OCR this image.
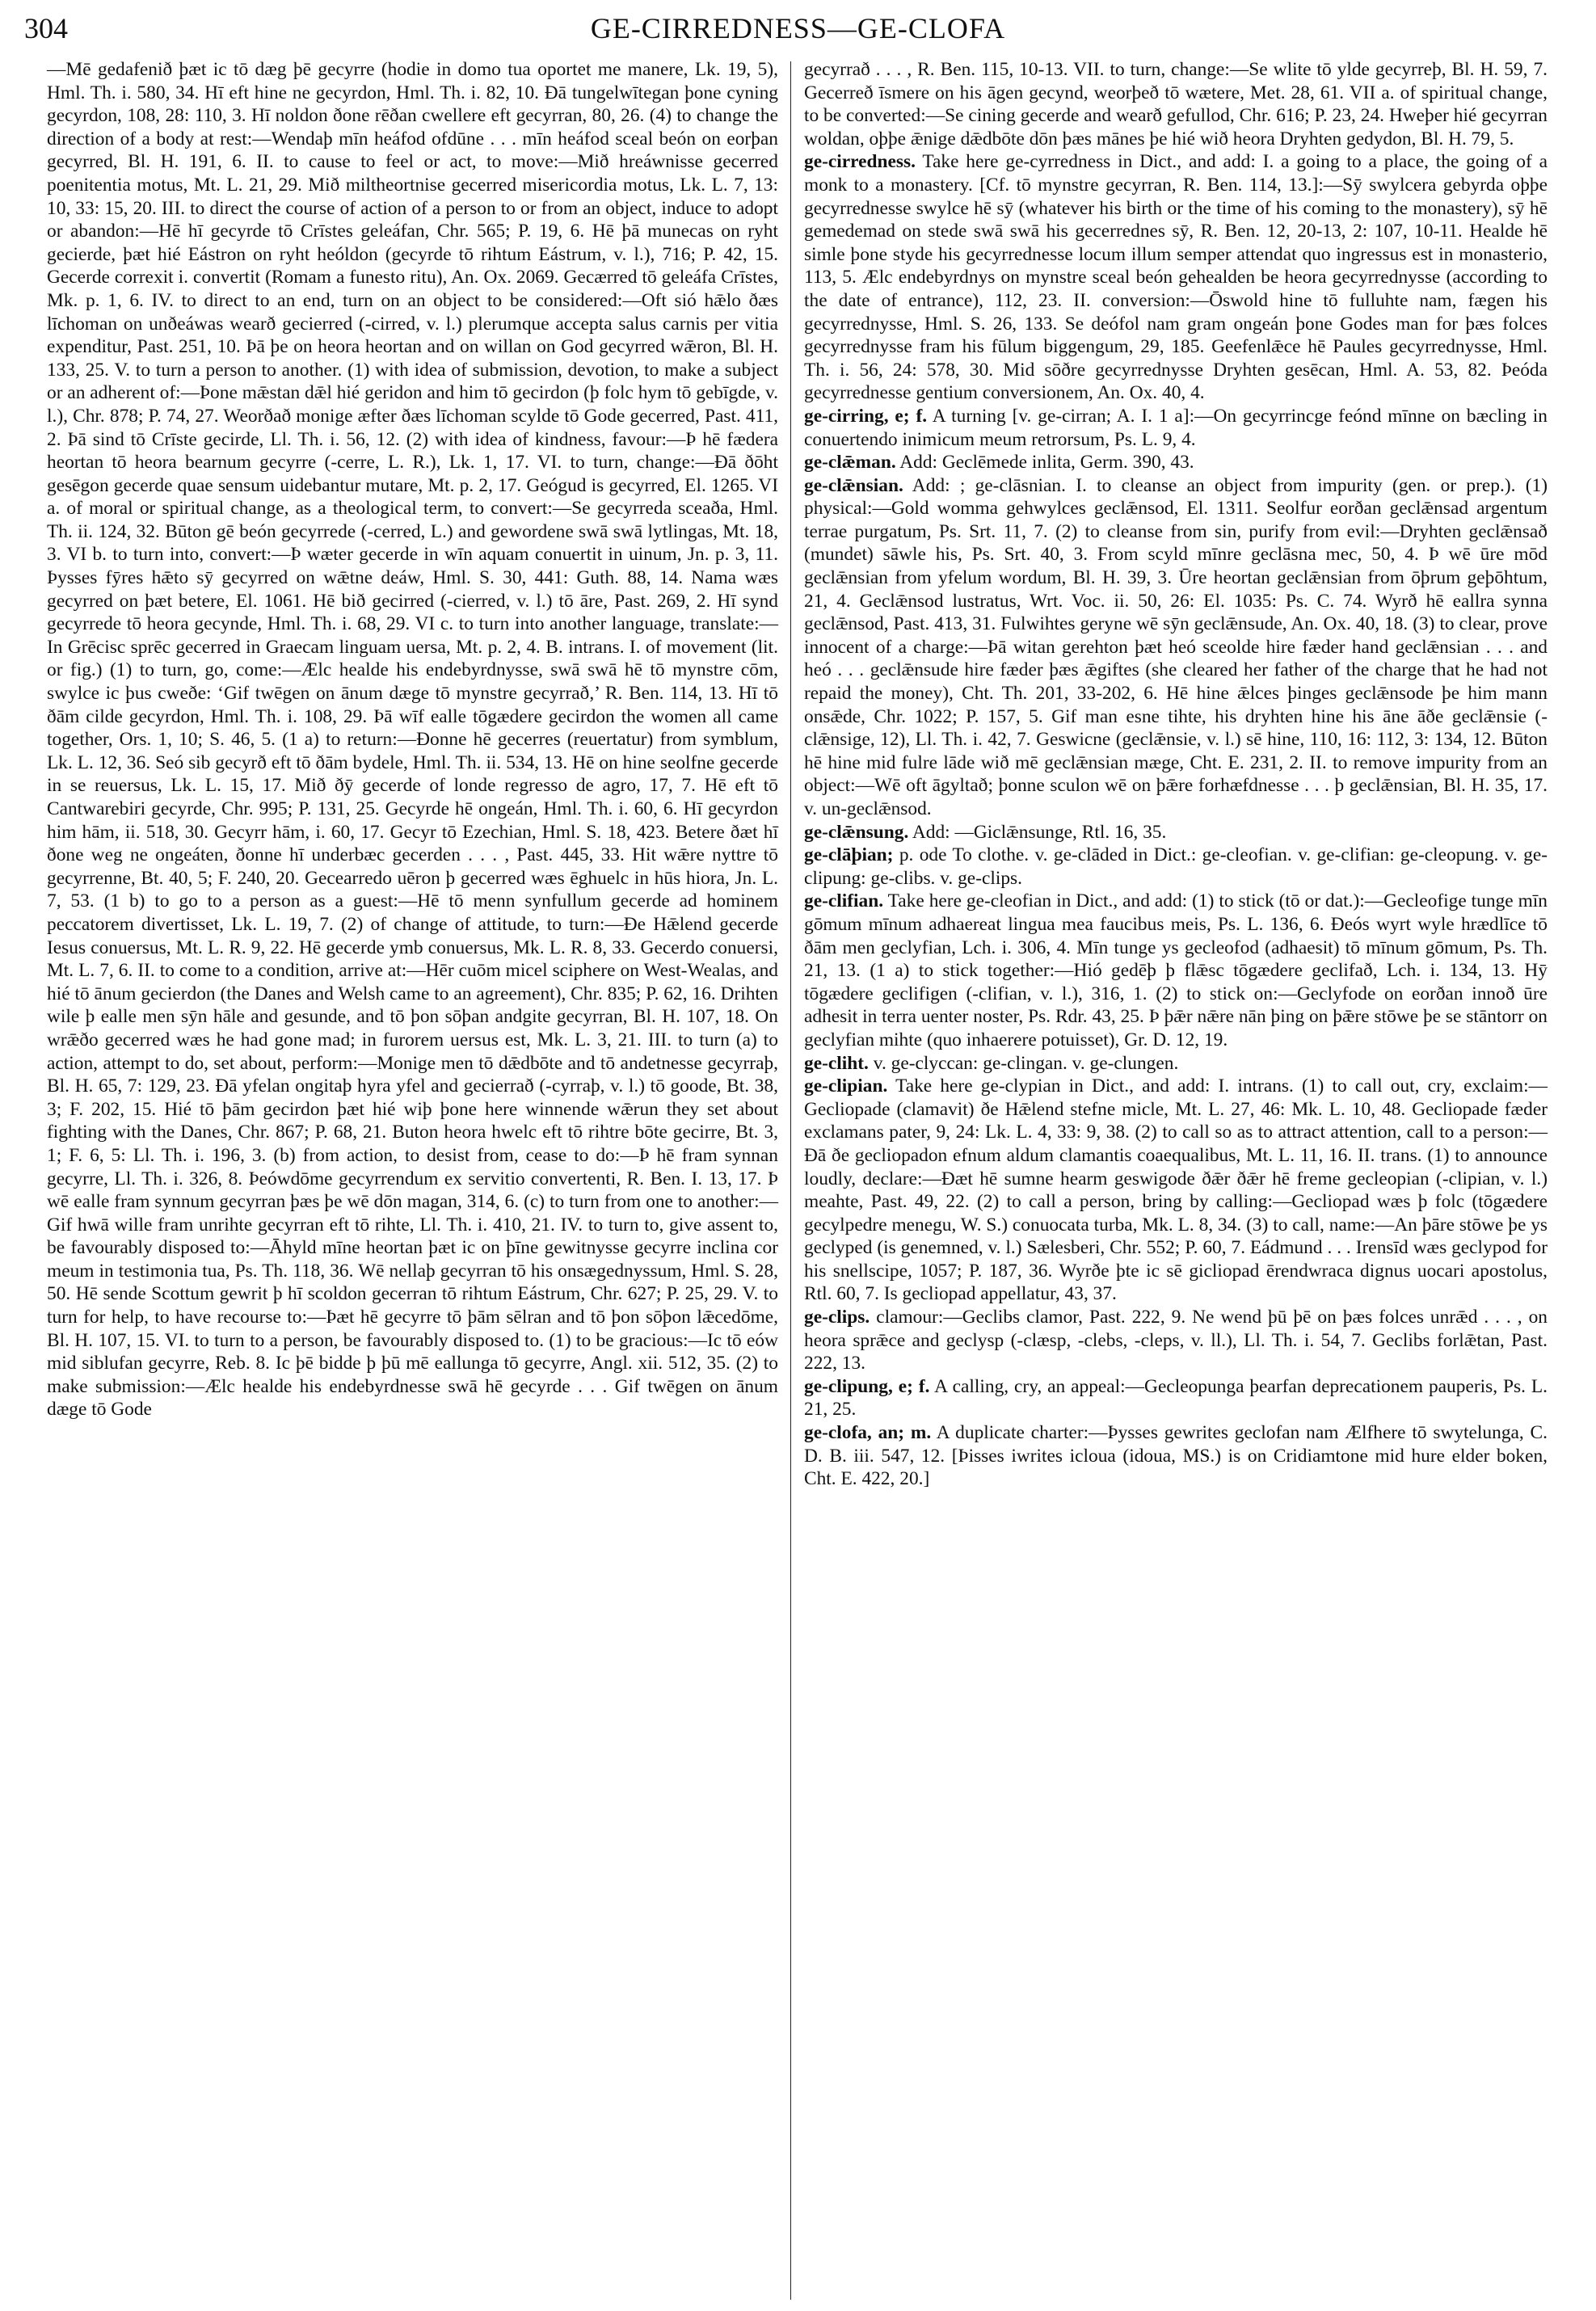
304	GE-CIRREDNESS—GE-CLOFA

—Mē gedafenið þæt ic tō dæg þē gecyrre (hodie in domo tua oportet me manere, Lk. 19, 5), Hml. Th. i. 580, 34. Hī eft hine ne gecyrdon, Hml. Th. i. 82, 10. Ðā tungelwītegan þone cyning gecyrdon, 108, 28: 110, 3. Hī noldon ðone rēðan cwellere eft gecyrran, 80, 26. (4) to change the direction of a body at rest:—Wendaþ mīn heáfod ofdūne . . . mīn heáfod sceal beón on eorþan gecyrred, Bl. H. 191, 6. II. to cause to feel or act, to move:—Mið hreáwnisse gecerred poenitentia motus, Mt. L. 21, 29. Mið miltheortnise gecerred misericordia motus, Lk. L. 7, 13: 10, 33: 15, 20. III. to direct the course of action of a person to or from an object, induce to adopt or abandon:—Hē hī gecyrde tō Crīstes geleáfan, Chr. 565; P. 19, 6. Hē þā munecas on ryht gecierde, þæt hié Eástron on ryht heóldon (gecyrde tō rihtum Eástrum, v. l.), 716; P. 42, 15. Gecerde correxit i. convertit (Romam a funesto ritu), An. Ox. 2069. Gecærred tō geleáfa Crīstes, Mk. p. 1, 6. IV. to direct to an end, turn on an object to be considered:—Oft sió hǣlo ðæs līchoman on unðeáwas wearð gecierred (-cirred, v. l.) plerumque accepta salus carnis per vitia expenditur, Past. 251, 10. Þā þe on heora heortan and on willan on God gecyrred wǣron, Bl. H. 133, 25. V. to turn a person to another. (1) with idea of submission, devotion, to make a subject or an adherent of:—Þone mǣstan dǣl hié geridon and him tō gecirdon (þ folc hym tō gebīgde, v. l.), Chr. 878; P. 74, 27. Weorðað monige æfter ðæs līchoman scylde tō Gode gecerred, Past. 411, 2. Þā sind tō Crīste gecirde, Ll. Th. i. 56, 12. (2) with idea of kindness, favour:—Þ hē fædera heortan tō heora bearnum gecyrre (-cerre, L. R.), Lk. 1, 17. VI. to turn, change:—Ðā ðōht gesēgon gecerde quae sensum uidebantur mutare, Mt. p. 2, 17. Geógud is gecyrred, El. 1265. VI a. of moral or spiritual change, as a theological term, to convert:—Se gecyrreda sceaða, Hml. Th. ii. 124, 32. Būton gē beón gecyrrede (-cerred, L.) and gewordene swā swā lytlingas, Mt. 18, 3. VI b. to turn into, convert:—Þ wæter gecerde in wīn aquam conuertit in uinum, Jn. p. 3, 11. Þysses fȳres hǣto sȳ gecyrred on wǣtne deáw, Hml. S. 30, 441: Guth. 88, 14. Nama wæs gecyrred on þæt betere, El. 1061. Hē bið gecirred (-cierred, v. l.) tō āre, Past. 269, 2. Hī synd gecyrrede tō heora gecynde, Hml. Th. i. 68, 29. VI c. to turn into another language, translate:—In Grēcisc sprēc gecerred in Graecam linguam uersa, Mt. p. 2, 4. B. intrans. I. of movement (lit. or fig.) (1) to turn, go, come:—Ælc healde his endebyrdnysse, swā swā hē tō mynstre cōm, swylce ic þus cweðe: ‘Gif twēgen on ānum dæge tō mynstre gecyrrað,’ R. Ben. 114, 13. Hī tō ðām cilde gecyrdon, Hml. Th. i. 108, 29. Þā wīf ealle tōgædere gecirdon the women all came together, Ors. 1, 10; S. 46, 5. (1 a) to return:—Ðonne hē gecerres (reuertatur) from symblum, Lk. L. 12, 36. Seó sib gecyrð eft tō ðām bydele, Hml. Th. ii. 534, 13. Hē on hine seolfne gecerde in se reuersus, Lk. L. 15, 17. Mið ðȳ gecerde of londe regresso de agro, 17, 7. Hē eft tō Cantwarebiri gecyrde, Chr. 995; P. 131, 25. Gecyrde hē ongeán, Hml. Th. i. 60, 6. Hī gecyrdon him hām, ii. 518, 30. Gecyrr hām, i. 60, 17. Gecyr tō Ezechian, Hml. S. 18, 423. Betere ðæt hī ðone weg ne ongeáten, ðonne hī underbæc gecerden . . . , Past. 445, 33. Hit wǣre nyttre tō gecyrrenne, Bt. 40, 5; F. 240, 20. Gecearredo uēron þ gecerred wæs ēghuelc in hūs hiora, Jn. L. 7, 53. (1 b) to go to a person as a guest:—Hē tō menn synfullum gecerde ad hominem peccatorem divertisset, Lk. L. 19, 7. (2) of change of attitude, to turn:—Ðe Hǣlend gecerde Iesus conuersus, Mt. L. R. 9, 22. Hē gecerde ymb conuersus, Mk. L. R. 8, 33. Gecerdo conuersi, Mt. L. 7, 6. II. to come to a condition, arrive at:—Hēr cuōm micel sciphere on West-Wealas, and hié tō ānum gecierdon (the Danes and Welsh came to an agreement), Chr. 835; P. 62, 16. Drihten wile þ ealle men sȳn hāle and gesunde, and tō þon sōþan andgite gecyrran, Bl. H. 107, 18. On wrǣðo gecerred wæs he had gone mad; in furorem uersus est, Mk. L. 3, 21. III. to turn (a) to action, attempt to do, set about, perform:—Monige men tō dǣdbōte and tō andetnesse gecyrraþ, Bl. H. 65, 7: 129, 23. Ðā yfelan ongitaþ hyra yfel and gecierrað (-cyrraþ, v. l.) tō goode, Bt. 38, 3; F. 202, 15. Hié tō þām gecirdon þæt hié wiþ þone here winnende wǣrun they set about fighting with the Danes, Chr. 867; P. 68, 21. Buton heora hwelc eft tō rihtre bōte gecirre, Bt. 3, 1; F. 6, 5: Ll. Th. i. 196, 3. (b) from action, to desist from, cease to do:—Þ hē fram synnan gecyrre, Ll. Th. i. 326, 8. Þeówdōme gecyrrendum ex servitio convertenti, R. Ben. I. 13, 17. Þ wē ealle fram synnum gecyrran þæs þe wē dōn magan, 314, 6. (c) to turn from one to another:—Gif hwā wille fram unrihte gecyrran eft tō rihte, Ll. Th. i. 410, 21. IV. to turn to, give assent to, be favourably disposed to:—Āhyld mīne heortan þæt ic on þīne gewitnysse gecyrre inclina cor meum in testimonia tua, Ps. Th. 118, 36. Wē nellaþ gecyrran tō his onsægednyssum, Hml. S. 28, 50. Hē sende Scottum gewrit þ hī scoldon gecerran tō rihtum Eástrum, Chr. 627; P. 25, 29. V. to turn for help, to have recourse to:—Þæt hē gecyrre tō þām sēlran and tō þon sōþon lǣcedōme, Bl. H. 107, 15. VI. to turn to a person, be favourably disposed to. (1) to be gracious:—Ic tō eów mid siblufan gecyrre, Reb. 8. Ic þē bidde þ þū mē eallunga tō gecyrre, Angl. xii. 512, 35. (2) to make submission:—Ælc healde his endebyrdnesse swā hē gecyrde . . . Gif twēgen on ānum dæge tō Gode

gecyrrað . . . , R. Ben. 115, 10-13. VII. to turn, change:—Se wlite tō ylde gecyrreþ, Bl. H. 59, 7. Gecerreð īsmere on his āgen gecynd, weorþeð tō wætere, Met. 28, 61. VII a. of spiritual change, to be converted:—Se cining gecerde and wearð gefullod, Chr. 616; P. 23, 24. Hweþer hié gecyrran woldan, oþþe ǣnige dǣdbōte dōn þæs mānes þe hié wið heora Dryhten gedydon, Bl. H. 79, 5.

ge-cirredness. Take here ge-cyrredness in Dict., and add: I. a going to a place, the going of a monk to a monastery. [Cf. tō mynstre gecyrran, R. Ben. 114, 13.]:—Sȳ swylcera gebyrda oþþe gecyrrednesse swylce hē sȳ (whatever his birth or the time of his coming to the monastery), sȳ hē gemedemad on stede swā swā his gecerrednes sȳ, R. Ben. 12, 20-13, 2: 107, 10-11. Healde hē simle þone styde his gecyrrednesse locum illum semper attendat quo ingressus est in monasterio, 113, 5. Ælc endebyrdnys on mynstre sceal beón gehealden be heora gecyrrednysse (according to the date of entrance), 112, 23. II. conversion:—Ōswold hine tō fulluhte nam, fægen his gecyrrednysse, Hml. S. 26, 133. Se deófol nam gram ongeán þone Godes man for þæs folces gecyrrednysse fram his fūlum biggengum, 29, 185. Geefenlǣce hē Paules gecyrrednysse, Hml. Th. i. 56, 24: 578, 30. Mid sōðre gecyrrednysse Dryhten gesēcan, Hml. A. 53, 82. Þeóda gecyrrednesse gentium conversionem, An. Ox. 40, 4.

ge-cirring, e; f. A turning [v. ge-cirran; A. I. 1 a]:—On gecyrrincge feónd mīnne on bæcling in conuertendo inimicum meum retrorsum, Ps. L. 9, 4.

ge-clǣman. Add: Geclēmede inlita, Germ. 390, 43.

ge-clǣnsian. Add: ; ge-clāsnian. I. to cleanse an object from impurity (gen. or prep.). (1) physical:—Gold womma gehwylces geclǣnsod, El. 1311. Seolfur eorðan geclǣnsad argentum terrae purgatum, Ps. Srt. 11, 7. (2) to cleanse from sin, purify from evil:—Dryhten geclǣnsað (mundet) sāwle his, Ps. Srt. 40, 3. From scyld mīnre geclāsna mec, 50, 4. Þ wē ūre mōd geclǣnsian from yfelum wordum, Bl. H. 39, 3. Ūre heortan geclǣnsian from ōþrum geþōhtum, 21, 4. Geclǣnsod lustratus, Wrt. Voc. ii. 50, 26: El. 1035: Ps. C. 74. Wyrð hē eallra synna geclǣnsod, Past. 413, 31. Fulwihtes geryne wē sȳn geclǣnsude, An. Ox. 40, 18. (3) to clear, prove innocent of a charge:—Þā witan gerehton þæt heó sceolde hire fæder hand geclǣnsian . . . and heó . . . geclǣnsude hire fæder þæs ǣgiftes (she cleared her father of the charge that he had not repaid the money), Cht. Th. 201, 33-202, 6. Hē hine ǣlces þinges geclǣnsode þe him mann onsǣde, Chr. 1022; P. 157, 5. Gif man esne tihte, his dryhten hine his āne āðe geclǣnsie (-clǣnsige, 12), Ll. Th. i. 42, 7. Geswicne (geclǣnsie, v. l.) sē hine, 110, 16: 112, 3: 134, 12. Būton hē hine mid fulre lāde wið mē geclǣnsian mæge, Cht. E. 231, 2. II. to remove impurity from an object:—Wē oft āgyltað; þonne sculon wē on þǣre forhæfdnesse . . . þ geclǣnsian, Bl. H. 35, 17. v. un-geclǣnsod.

ge-clǣnsung. Add: —Giclǣnsunge, Rtl. 16, 35.

ge-clāþian; p. ode To clothe. v. ge-clāded in Dict.: ge-cleofian. v. ge-clifian: ge-cleopung. v. ge-clipung: ge-clibs. v. ge-clips.

ge-clifian. Take here ge-cleofian in Dict., and add: (1) to stick (tō or dat.):—Gecleofige tunge mīn gōmum mīnum adhaereat lingua mea faucibus meis, Ps. L. 136, 6. Ðeós wyrt wyle hrædlīce tō ðām men geclyfian, Lch. i. 306, 4. Mīn tunge ys gecleofod (adhaesit) tō mīnum gōmum, Ps. Th. 21, 13. (1 a) to stick together:—Hió gedēþ þ flǣsc tōgædere geclifað, Lch. i. 134, 13. Hȳ tōgædere geclifigen (-clifian, v. l.), 316, 1. (2) to stick on:—Geclyfode on eorðan innoð ūre adhesit in terra uenter noster, Ps. Rdr. 43, 25. Þ þǣr nǣre nān þing on þǣre stōwe þe se stāntorr on geclyfian mihte (quo inhaerere potuisset), Gr. D. 12, 19.

ge-cliht. v. ge-clyccan: ge-clingan. v. ge-clungen.

ge-clipian. Take here ge-clypian in Dict., and add: I. intrans. (1) to call out, cry, exclaim:—Gecliopade (clamavit) ðe Hǣlend stefne micle, Mt. L. 27, 46: Mk. L. 10, 48. Gecliopade fæder exclamans pater, 9, 24: Lk. L. 4, 33: 9, 38. (2) to call so as to attract attention, call to a person:—Ðā ðe gecliopadon efnum aldum clamantis coaequalibus, Mt. L. 11, 16. II. trans. (1) to announce loudly, declare:—Ðæt hē sumne hearm geswigode ðǣr ðǣr hē freme gecleopian (-clipian, v. l.) meahte, Past. 49, 22. (2) to call a person, bring by calling:—Gecliopad wæs þ folc (tōgædere gecylpedre menegu, W. S.) conuocata turba, Mk. L. 8, 34. (3) to call, name:—An þāre stōwe þe ys geclyped (is genemned, v. l.) Sælesberi, Chr. 552; P. 60, 7. Eádmund . . . Irensīd wæs geclypod for his snellscipe, 1057; P. 187, 36. Wyrðe þte ic sē gicliopad ērendwraca dignus uocari apostolus, Rtl. 60, 7. Is gecliopad appellatur, 43, 37.

ge-clips. clamour:—Geclibs clamor, Past. 222, 9. Ne wend þū þē on þæs folces unrǣd . . . , on heora sprǣce and geclysp (-clæsp, -clebs, -cleps, v. ll.), Ll. Th. i. 54, 7. Geclibs forlǣtan, Past. 222, 13.

ge-clipung, e; f. A calling, cry, an appeal:—Gecleopunga þearfan deprecationem pauperis, Ps. L. 21, 25.

ge-clofa, an; m. A duplicate charter:—Þysses gewrites geclofan nam Ælfhere tō swytelunga, C. D. B. iii. 547, 12. [Þisses iwrites icloua (idoua, MS.) is on Cridiamtone mid hure elder boken, Cht. E. 422, 20.]
